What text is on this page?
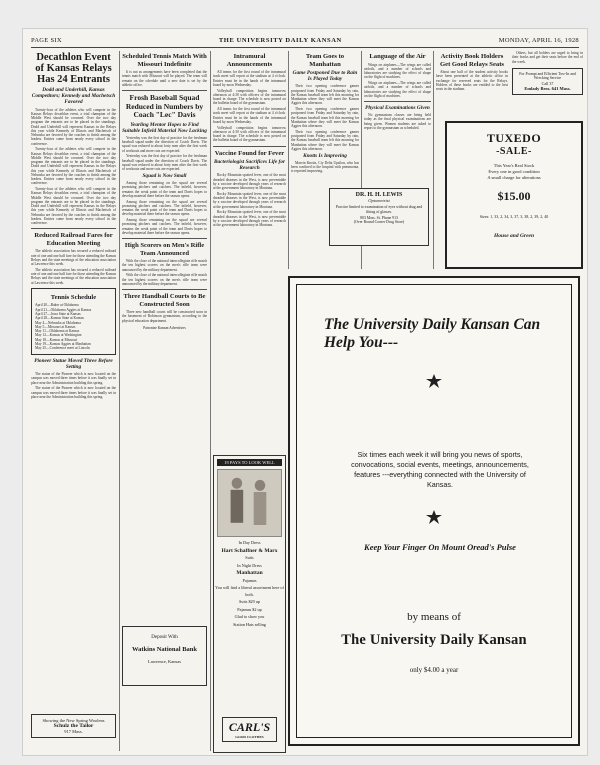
PAGE SIX	THE UNIVERSITY DAILY KANSAN	MONDAY, APRIL 16, 1928
Decathlon Event of Kansas Relays Has 24 Entrants
Dodd and Underhill, Kansas Competitors; Kennedy and Machetsch Favored

Twenty-four of the athletes who will compete in the Kansas Relays decathlon event, a trial champion of the Middle West should be crowned. Over the two day program the entrants are to be placed in the standings. Dodd and Underhill will represent Kansas in the Relays this year while Kennedy of Illinois and Machetsch of Nebraska are favored by the coaches to finish among the leaders. Entries come from nearly every school in the conference.

Twenty-four of the athletes who will compete in the Kansas Relays decathlon event, a trial champion of the Middle West should be crowned. Over the two day program the entrants are to be placed in the standings. Dodd and Underhill will represent Kansas in the Relays this year while Kennedy of Illinois and Machetsch of Nebraska are favored by the coaches to finish among the leaders. Entries come from nearly every school in the conference.

Twenty-four of the athletes who will compete in the Kansas Relays decathlon event, a trial champion of the Middle West should be crowned. Over the two day program the entrants are to be placed in the standings. Dodd and Underhill will represent Kansas in the Relays this year while Kennedy of Illinois and Machetsch of Nebraska are favored by the coaches to finish among the leaders. Entries come from nearly every school in the conference.

Reduced Railroad Fares for Education Meeting

The athletic association has secured a reduced railroad rate of one and one half fare for those attending the Kansas Relays and the state meetings of the education association at Lawrence this week.

The athletic association has secured a reduced railroad rate of one and one half fare for those attending the Kansas Relays and the state meetings of the education association at Lawrence this week.

Tennis Schedule
April 20—Baker at Oklahoma
April 21—Oklahoma Aggies at Kansas
April 27—Iowa State at Kansas
April 28—Kansas State at Kansas
May 4—Nebraska at Oklahoma
May 5—Missouri at Kansas
May 11—Oklahoma at Kansas
May 12—Kansas at Washington
May 18—Kansas at Missouri
May 19—Kansas Aggies at Manhattan
May 25—Conference meet at Lincoln
Pioneer Statue Moved Three Before Setting

The statue of the Pioneer which is now located on the campus was moved three times before it was finally set in place near the Administration building this spring.

The statue of the Pioneer which is now located on the campus was moved three times before it was finally set in place near the Administration building this spring.

Showing the New Spring Woolens
Schulz the Tailor
917 Mass.
Scheduled Tennis Match With Missouri Indefinite

It is not as arrangements have been completed that the tennis match with Missouri will be played. The team will remain on the schedule until a new date is set by the athletic office.

Frosh Baseball Squad Reduced in Numbers by Coach "Lec" Davis
Yearling Mentor Hopes to Find Suitable Infield Material Now Lacking

Yesterday was the first day of practice for the freshman baseball squad under the direction of Coach Davis. The squad was reduced to about forty men after the first week of workouts and more cuts are expected.

Yesterday was the first day of practice for the freshman baseball squad under the direction of Coach Davis. The squad was reduced to about forty men after the first week of workouts and more cuts are expected.

Squad is Now Small

Among those remaining on the squad are several promising pitchers and catchers. The infield, however, remains the weak point of the team and Davis hopes to develop material there before the season opens.

Among those remaining on the squad are several promising pitchers and catchers. The infield, however, remains the weak point of the team and Davis hopes to develop material there before the season opens.

Among those remaining on the squad are several promising pitchers and catchers. The infield, however, remains the weak point of the team and Davis hopes to develop material there before the season opens.

High Scorers on Men's Rifle Team Announced

With the close of the national intercollegiate rifle match the ten highest scorers on the men's rifle team were announced by the military department.

With the close of the national intercollegiate rifle match the ten highest scorers on the men's rifle team were announced by the military department.

Three Handball Courts to Be Constructed Soon

Three new handball courts will be constructed soon in the basement of Robinson gymnasium, according to the physical education department.

Patronize Kansan Advertisers
Deposit With
Watkins National Bank
Lawrence, Kansas
Intramural Announcements

All teams for the first round of the intramural track meet will report at the stadium at 4 o'clock. Entries must be in the hands of the intramural board by noon Wednesday.

Volleyball competition begins tomorrow afternoon at 4:30 with officers of the intramural board in charge. The schedule is now posted on the bulletin board of the gymnasium.

All teams for the first round of the intramural track meet will report at the stadium at 4 o'clock. Entries must be in the hands of the intramural board by noon Wednesday.

Volleyball competition begins tomorrow afternoon at 4:30 with officers of the intramural board in charge. The schedule is now posted on the bulletin board of the gymnasium.

Vaccine Found for Fever
Bacteriologist Sacrifices Life for Research

Rocky Mountain spotted fever, one of the most dreaded diseases in the West, is now preventable by a vaccine developed through years of research at the government laboratory in Montana.

Rocky Mountain spotted fever, one of the most dreaded diseases in the West, is now preventable by a vaccine developed through years of research at the government laboratory in Montana.

Rocky Mountain spotted fever, one of the most dreaded diseases in the West, is now preventable by a vaccine developed through years of research at the government laboratory in Montana.

19 PAYS TO LOOK WELL
In Day Dress
Hart Schaffner & Marx
Suits
In Night Dress
Manhattan
Pajamas
You will find a liberal assortment here of both.
Suits $29 up
Pajamas $2 up
Glad to show you
Station Hats selling
CARL'S
GOOD CLOTHES
Team Goes to Manhattan
Game Postponed Due to Rain Is Played Today

Their two opening conference games postponed from Friday and Saturday by rain, the Kansas baseball team left this morning for Manhattan where they will meet the Kansas Aggies this afternoon.

Their two opening conference games postponed from Friday and Saturday by rain, the Kansas baseball team left this morning for Manhattan where they will meet the Kansas Aggies this afternoon.

Their two opening conference games postponed from Friday and Saturday by rain, the Kansas baseball team left this morning for Manhattan where they will meet the Kansas Aggies this afternoon.

Knotts Is Improving

Marvin Knotts, Ciy Delta Upsilon, who has been confined to the hospital with pneumonia, is reported improving.

Language of the Air

Wings on airplanes—The wings are called airfoils, and a number of schools and laboratories are studying the effect of shape on the flight of machines.

Wings on airplanes—The wings are called airfoils, and a number of schools and laboratories are studying the effect of shape on the flight of machines.

Physical Examinations Given

No gymnasium classes are being held today as the final physical examinations are being given. Women students are asked to report to the gymnasium as scheduled.

DR. H. H. LEWIS
Optometrist
Practice limited to examination of eyes without drug and fitting of glasses.
803 Mass. St. Phone 913
(Over Round Corner Drug Store)
Activity Book Holders Get Good Relays Seats

About one half of the student activity books have been presented at the athletic office in exchange for reserved seats for the Relays. Holders of these books are entitled to the best seats in the stadium.

Others, but all holders are urged to bring in their books and get their seats before the end of the week.

For Prompt and Efficient Tow-In and Wrecking Service
Call 37
Emlady Bros. 641 Mass.
TUXEDO
-SALE-
This Year's Real Stock
Every one in good condition
A small charge for alterations
$15.00
Sizes: 1, 33, 2, 34, 3, 37, 3, 38, 2, 39, 2, 40
House and Green
The University Daily Kansan Can Help You---
Six times each week it will bring you news of sports, convocations, social events, meetings, announcements, features ---everything connected with the University of Kansas.
Keep Your Finger On Mount Oread's Pulse
by means of
The University Daily Kansan
only $4.00 a year
